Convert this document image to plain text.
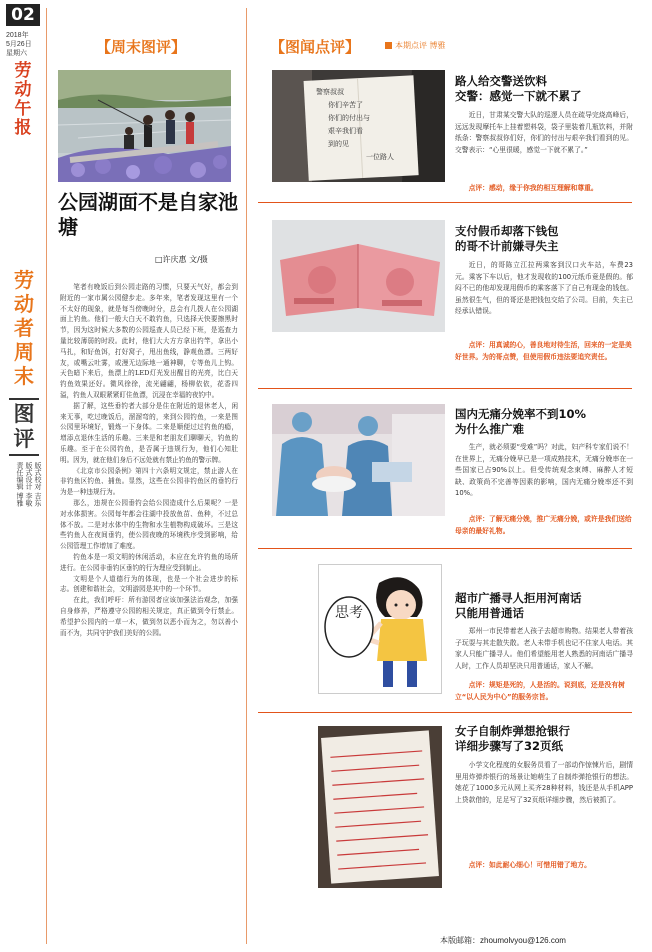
02
2018年
5月26日
星期六
劳动午报
劳动者周末
图评
版式校对 吉东
版式设计 李敏
责任编辑 博雅
【周末图评】
公园湖面不是自家池塘
□许庆惠 文/摄

笔者有晚饭后到公园走路的习惯，只要天气好，都会到附近的一家市属公园健步走。多年来，笔者发现这里有一个不太好的现象，就是每当傍晚时分，总会有几拨人在公园湖面上钓鱼。他们一般大白天不敢钓鱼，只选择天快要擦黑时节，因为这时候大多数的公园巡查人员已经下班，是巡查力量比较薄弱的时段。此时，他们大大方方拿出钓竿，拿出小马扎，和好鱼饵，打好窝子，甩出鱼线，静观鱼漂。三两好友，或嘴云吐雾，或漫无边际地一通神聊，专等鱼儿上钩。天色暗下来后，鱼漂上的LED灯光发出醒目的光亮，比白天钓鱼效果还好。微风徐徐，流光翩翩，杨柳依依，花香四溢，钓鱼人双眼紧紧盯住鱼漂，沉浸在幸福的夜钓中。

据了解，这些垂钓者大部分是住在附近的退休老人，闲来无事，吃过晚饭后，溜溜弯的，来到公园钓鱼，一来是图公园里环境好，锻炼一下身体。二来是顺便过过钓鱼的瘾，增添点退休生活的乐趣。三来是和老朋友们聊聊天，钓鱼的乐趣。至于在公园钓鱼，是否属于违规行为，他们心知肚明。因为，就在他们身后不远处就有禁止钓鱼的警示牌。

《北京市公园条例》第四十六条明文规定，禁止游人在非钓鱼区钓鱼、捕鱼。显然，这些在公园非钓鱼区的垂钓行为是一种违规行为。

那么，违规在公园垂钓会给公园造成什么后果呢？一是对水体损害。公园每年都会往湖中投放鱼苗、鱼种，不过总体不放。二是对水体中的生物和水生植物构成破坏。三是这些钓鱼人在夜间垂钓，使公园夜晚的环境秩序受到影响，给公园管理工作增加了难度。

钓鱼本是一项文明的休闲活动，本应在允许钓鱼的场所进行。在公园非垂钓区垂钓的行为理应受到制止。

文明是个人道德行为的体现，也是一个社会进步的标志。创建和谐社会，文明游园是其中的一个环节。

在此，我们呼吁：所有游园者应该加强法治观念，加强自身修养，严格遵守公园的相关规定，真正做到令行禁止。希望护公园内的一草一木，做到勿以恶小而为之，勿以善小而不为，共同守护我们美好的公园。

【图闻点评】	本期点评 博雅
警察叔叔
你们辛苦了
你们的付出与
艰辛我们看
到的见
一位路人
路人给交警送饮料
交警：感觉一下就不累了
近日，甘肃某交警大队的巡逻人员在疏导完烧高峰后，远远发现摩托车上挂着塑料袋，袋子里装着几瓶饮料，并附纸条：警察叔叔你们好，你们的付出与艰辛我们看到的见。交警表示：“心里很暖，感觉一下就不累了。”
点评：感动，缘于你我的相互理解和尊重。
支付假币却落下钱包
的哥不计前嫌寻失主
近日，的哥陈立江拉两乘客到汉口火车站，车费23元。乘客下车以后，他才发现收的100元纸币竟是假的。郁闷不已的他却发现用假币的乘客落下了自己有现金的钱包。虽然很生气，但的哥还是把钱包交给了公司。目前，失主已经承认错误。
点评：用真诚的心，善良地对待生活，回来的一定是美好世界。为的哥点赞，但使用假币违法要追究责任。
国内无痛分娩率不到10%
为什么推广难
生产，就必须要“受难”吗？对此，妇产科专家们说不！在世界上，无痛分娩早已是一项成熟技术，无痛分娩率在一些国家已占90%以上。但受传统观念束缚、麻醉人才短缺、政策尚不完善等因素的影响，国内无痛分娩率还不到10%。
点评：了解无痛分娩，推广无痛分娩，或许是我们送给母亲的最好礼物。
思考
超市广播寻人拒用河南话
只能用普通话
郑州一市民带着老人孩子去超市购物。结果老人带着孩子玩耍与其走散失散。老人未带手机也记不住家人电话。其家人只能广播寻人。他们希望能用老人熟悉的河南话广播寻人时，工作人员却坚决只用普通话，家人不解。
点评：规矩是死的，人是活的。说到底，还是没有树立“以人民为中心”的服务宗旨。
女子自制炸弹想抢银行
详细步骤写了32页纸
小学文化程度的女服务员看了一部动作惊悚片后，剧情里用炸弹炸银行的场景让她萌生了自制炸弹抢银行的想法。她花了1000多元从网上买齐28种材料，钱还是从手机APP上贷款借的，足足写了32页纸详细步骤，然后被抓了。
点评：如此耐心细心！可惜用错了地方。
本版邮箱：zhoumolvyou@126.com
